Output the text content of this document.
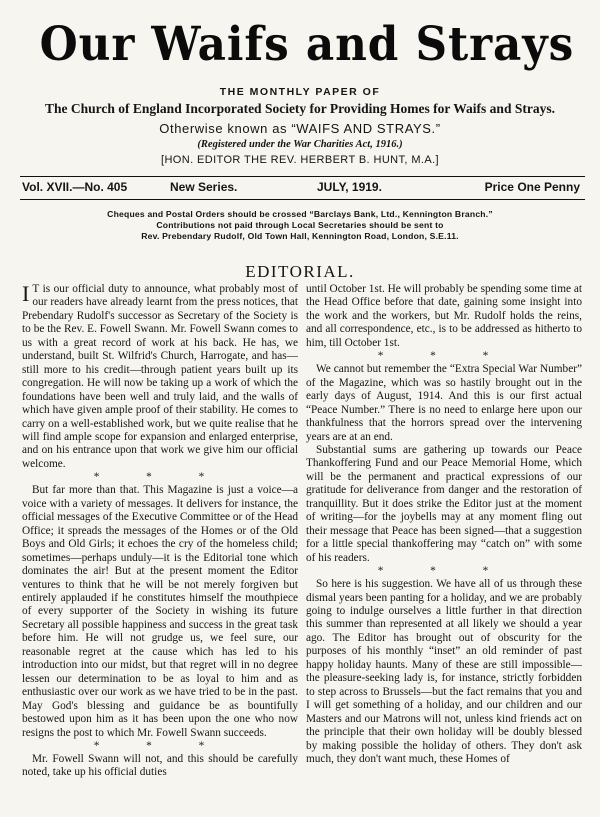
Our Waifs and Strays
THE MONTHLY PAPER OF
The Church of England Incorporated Society for Providing Homes for Waifs and Strays.
Otherwise known as “WAIFS AND STRAYS.”
(Registered under the War Charities Act, 1916.)
[HON. EDITOR THE REV. HERBERT B. HUNT, M.A.]
Vol. XVII.—No. 405	New Series.	JULY, 1919.	Price One Penny
Cheques and Postal Orders should be crossed “Barclays Bank, Ltd., Kennington Branch.”
Contributions not paid through Local Secretaries should be sent to
Rev. Prebendary Rudolf, Old Town Hall, Kennington Road, London, S.E.11.
EDITORIAL.

I T is our official duty to announce, what probably most of our readers have already learnt from the press notices, that Prebendary Rudolf's successor as Secretary of the Society is to be the Rev. E. Fowell Swann. Mr. Fowell Swann comes to us with a great record of work at his back. He has, we understand, built St. Wilfrid's Church, Harrogate, and has—still more to his credit—through patient years built up its congregation. He will now be taking up a work of which the foundations have been well and truly laid, and the walls of which have given ample proof of their stability. He comes to carry on a well-established work, but we quite realise that he will find ample scope for expansion and enlarged enterprise, and on his entrance upon that work we give him our official welcome.

* * *

But far more than that. This Magazine is just a voice—a voice with a variety of messages. It delivers for instance, the official messages of the Executive Committee or of the Head Office; it spreads the messages of the Homes or of the Old Boys and Old Girls; it echoes the cry of the homeless child; sometimes—perhaps unduly—it is the Editorial tone which dominates the air! But at the present moment the Editor ventures to think that he will be not merely forgiven but entirely applauded if he constitutes himself the mouthpiece of every supporter of the Society in wishing its future Secretary all possible happiness and success in the great task before him. He will not grudge us, we feel sure, our reasonable regret at the cause which has led to his introduction into our midst, but that regret will in no degree lessen our determination to be as loyal to him and as enthusiastic over our work as we have tried to be in the past. May God's blessing and guidance be as bountifully bestowed upon him as it has been upon the one who now resigns the post to which Mr. Fowell Swann succeeds.

* * *

Mr. Fowell Swann will not, and this should be carefully noted, take up his official duties

until October 1st. He will probably be spending some time at the Head Office before that date, gaining some insight into the work and the workers, but Mr. Rudolf holds the reins, and all correspondence, etc., is to be addressed as hitherto to him, till October 1st.

* * *

We cannot but remember the “Extra Special War Number” of the Magazine, which was so hastily brought out in the early days of August, 1914. And this is our first actual “Peace Number.” There is no need to enlarge here upon our thankfulness that the horrors spread over the intervening years are at an end.

Substantial sums are gathering up towards our Peace Thankoffering Fund and our Peace Memorial Home, which will be the permanent and practical expressions of our gratitude for deliverance from danger and the restoration of tranquillity. But it does strike the Editor just at the moment of writing—for the joybells may at any moment fling out their message that Peace has been signed—that a suggestion for a little special thankoffering may “catch on” with some of his readers.

* * *

So here is his suggestion. We have all of us through these dismal years been panting for a holiday, and we are probably going to indulge ourselves a little further in that direction this summer than represented at all likely we should a year ago. The Editor has brought out of obscurity for the purposes of his monthly “inset” an old reminder of past happy holiday haunts. Many of these are still impossible—the pleasure-seeking lady is, for instance, strictly forbidden to step across to Brussels—but the fact remains that you and I will get something of a holiday, and our children and our Masters and our Matrons will not, unless kind friends act on the principle that their own holiday will be doubly blessed by making possible the holiday of others. They don't ask much, they don't want much, these Homes of
